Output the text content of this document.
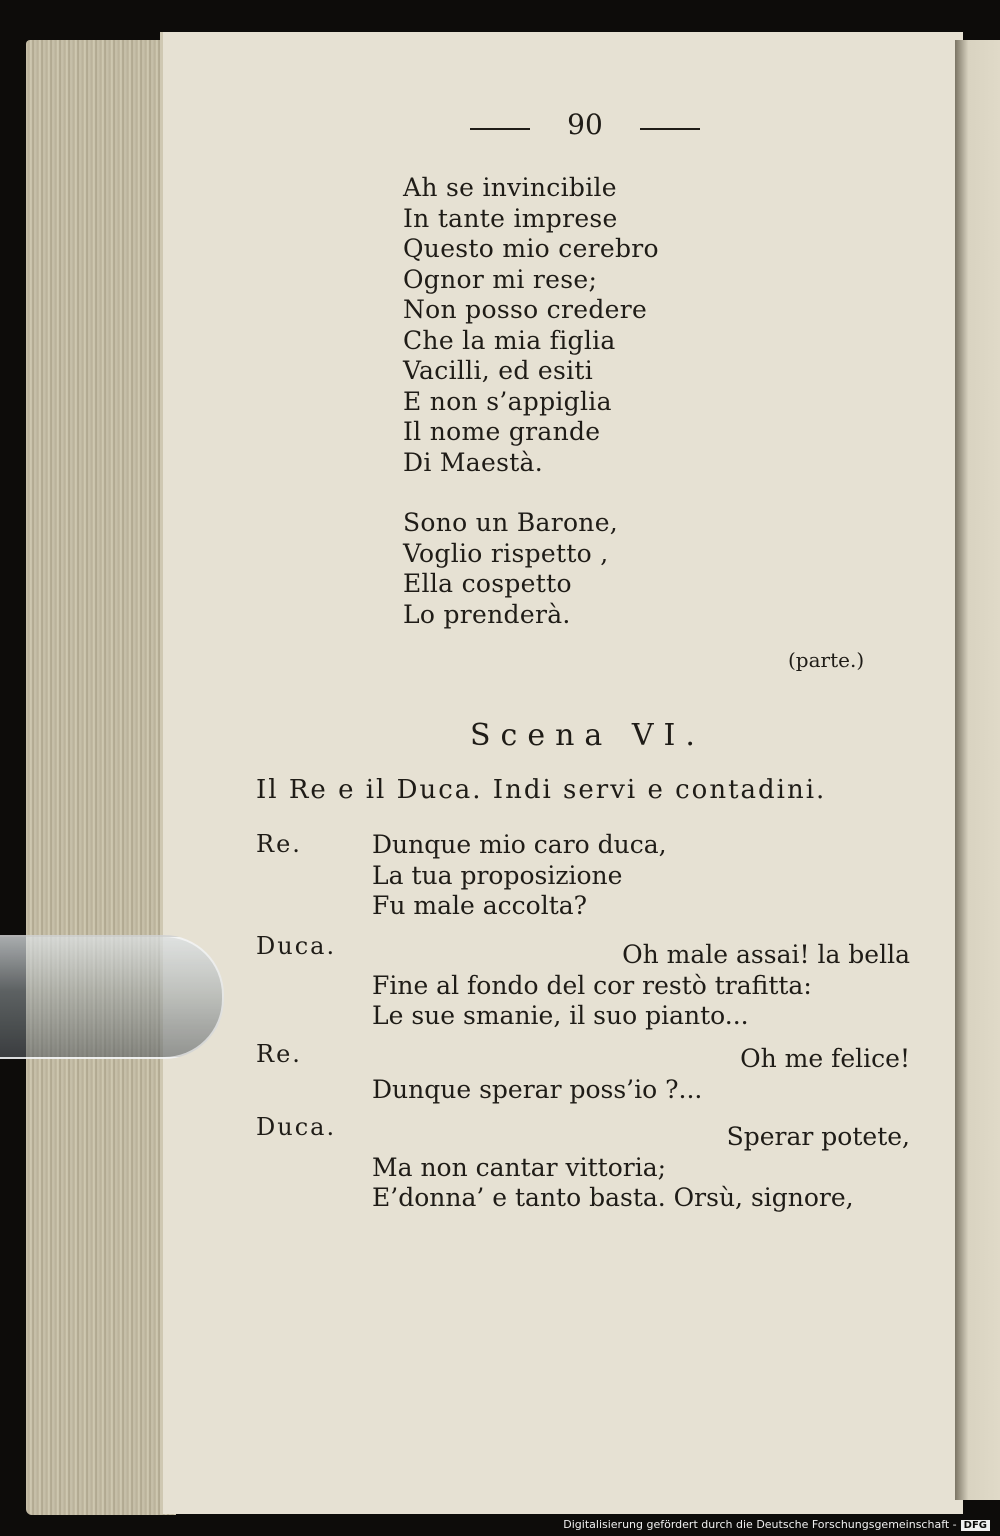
90
Ah se invincibile
In tante imprese
Questo mio cerebro
Ognor mi rese;
Non posso credere
Che la mia figlia
Vacilli, ed esiti
E non s’appiglia
Il nome grande
Di Maestà.
Sono un Barone,
Voglio rispetto ,
Ella cospetto
Lo prenderà.
(parte.)
Scena VI.
Il Re e il Duca. Indi servi e contadini.
Re.	Dunque mio caro duca,
La tua proposizione
Fu male accolta?
Duca.	Oh male assai! la bella
Fine al fondo del cor restò trafitta:
Le sue smanie, il suo pianto...
Re.	Oh me felice!
Dunque sperar poss’io ?...
Duca.	Sperar potete,
Ma non cantar vittoria;
E’donna’ e tanto basta. Orsù, signore,
Digitalisierung gefördert durch die Deutsche Forschungsgemeinschaft - DFG
